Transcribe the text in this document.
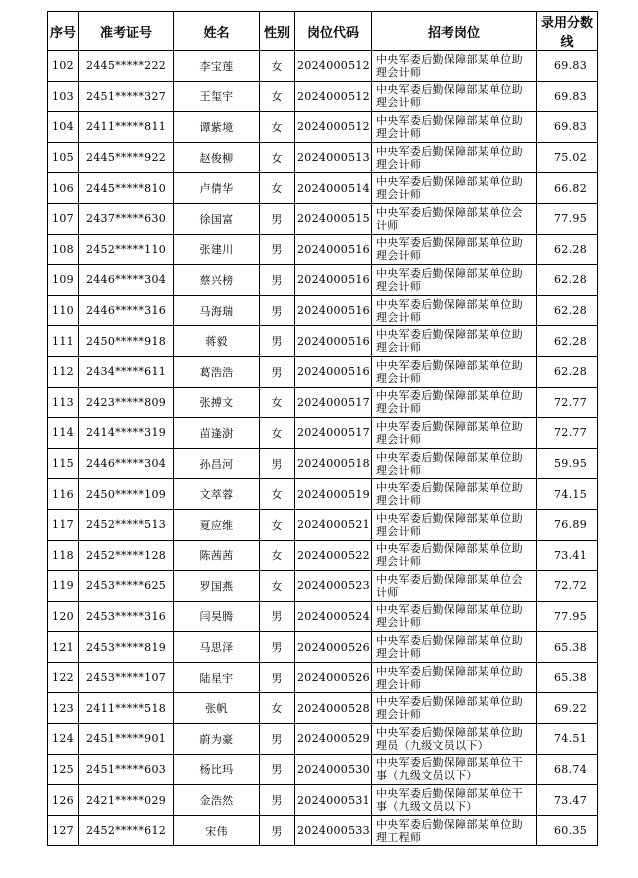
序号	准考证号	姓名	性别	岗位代码	招考岗位	录用分数线
102	2445*****222	李宝莲	女	2024000512	中央军委后勤保障部某单位助理会计师	69.83
103	2451*****327	王玺宇	女	2024000512	中央军委后勤保障部某单位助理会计师	69.83
104	2411*****811	谭紫境	女	2024000512	中央军委后勤保障部某单位助理会计师	69.83
105	2445*****922	赵俊柳	女	2024000513	中央军委后勤保障部某单位助理会计师	75.02
106	2445*****810	卢倩华	女	2024000514	中央军委后勤保障部某单位助理会计师	66.82
107	2437*****630	徐国富	男	2024000515	中央军委后勤保障部某单位会计师	77.95
108	2452*****110	张建川	男	2024000516	中央军委后勤保障部某单位助理会计师	62.28
109	2446*****304	蔡兴榜	男	2024000516	中央军委后勤保障部某单位助理会计师	62.28
110	2446*****316	马海瑞	男	2024000516	中央军委后勤保障部某单位助理会计师	62.28
111	2450*****918	蒋毅	男	2024000516	中央军委后勤保障部某单位助理会计师	62.28
112	2434*****611	葛浩浩	男	2024000516	中央军委后勤保障部某单位助理会计师	62.28
113	2423*****809	张搏文	女	2024000517	中央军委后勤保障部某单位助理会计师	72.77
114	2414*****319	苗逢澍	女	2024000517	中央军委后勤保障部某单位助理会计师	72.77
115	2446*****304	孙昌河	男	2024000518	中央军委后勤保障部某单位助理会计师	59.95
116	2450*****109	文萃蓉	女	2024000519	中央军委后勤保障部某单位助理会计师	74.15
117	2452*****513	夏应维	女	2024000521	中央军委后勤保障部某单位助理会计师	76.89
118	2452*****128	陈茜茜	女	2024000522	中央军委后勤保障部某单位助理会计师	73.41
119	2453*****625	罗国燕	女	2024000523	中央军委后勤保障部某单位会计师	72.72
120	2453*****316	闫昊腾	男	2024000524	中央军委后勤保障部某单位助理会计师	77.95
121	2453*****819	马思泽	男	2024000526	中央军委后勤保障部某单位助理会计师	65.38
122	2453*****107	陆星宇	男	2024000526	中央军委后勤保障部某单位助理会计师	65.38
123	2411*****518	张帆	女	2024000528	中央军委后勤保障部某单位助理会计师	69.22
124	2451*****901	蔚为豪	男	2024000529	中央军委后勤保障部某单位助理员（九级文员以下）	74.51
125	2451*****603	杨比玛	男	2024000530	中央军委后勤保障部某单位干事（九级文员以下）	68.74
126	2421*****029	金浩然	男	2024000531	中央军委后勤保障部某单位干事（九级文员以下）	73.47
127	2452*****612	宋伟	男	2024000533	中央军委后勤保障部某单位助理工程师	60.35
